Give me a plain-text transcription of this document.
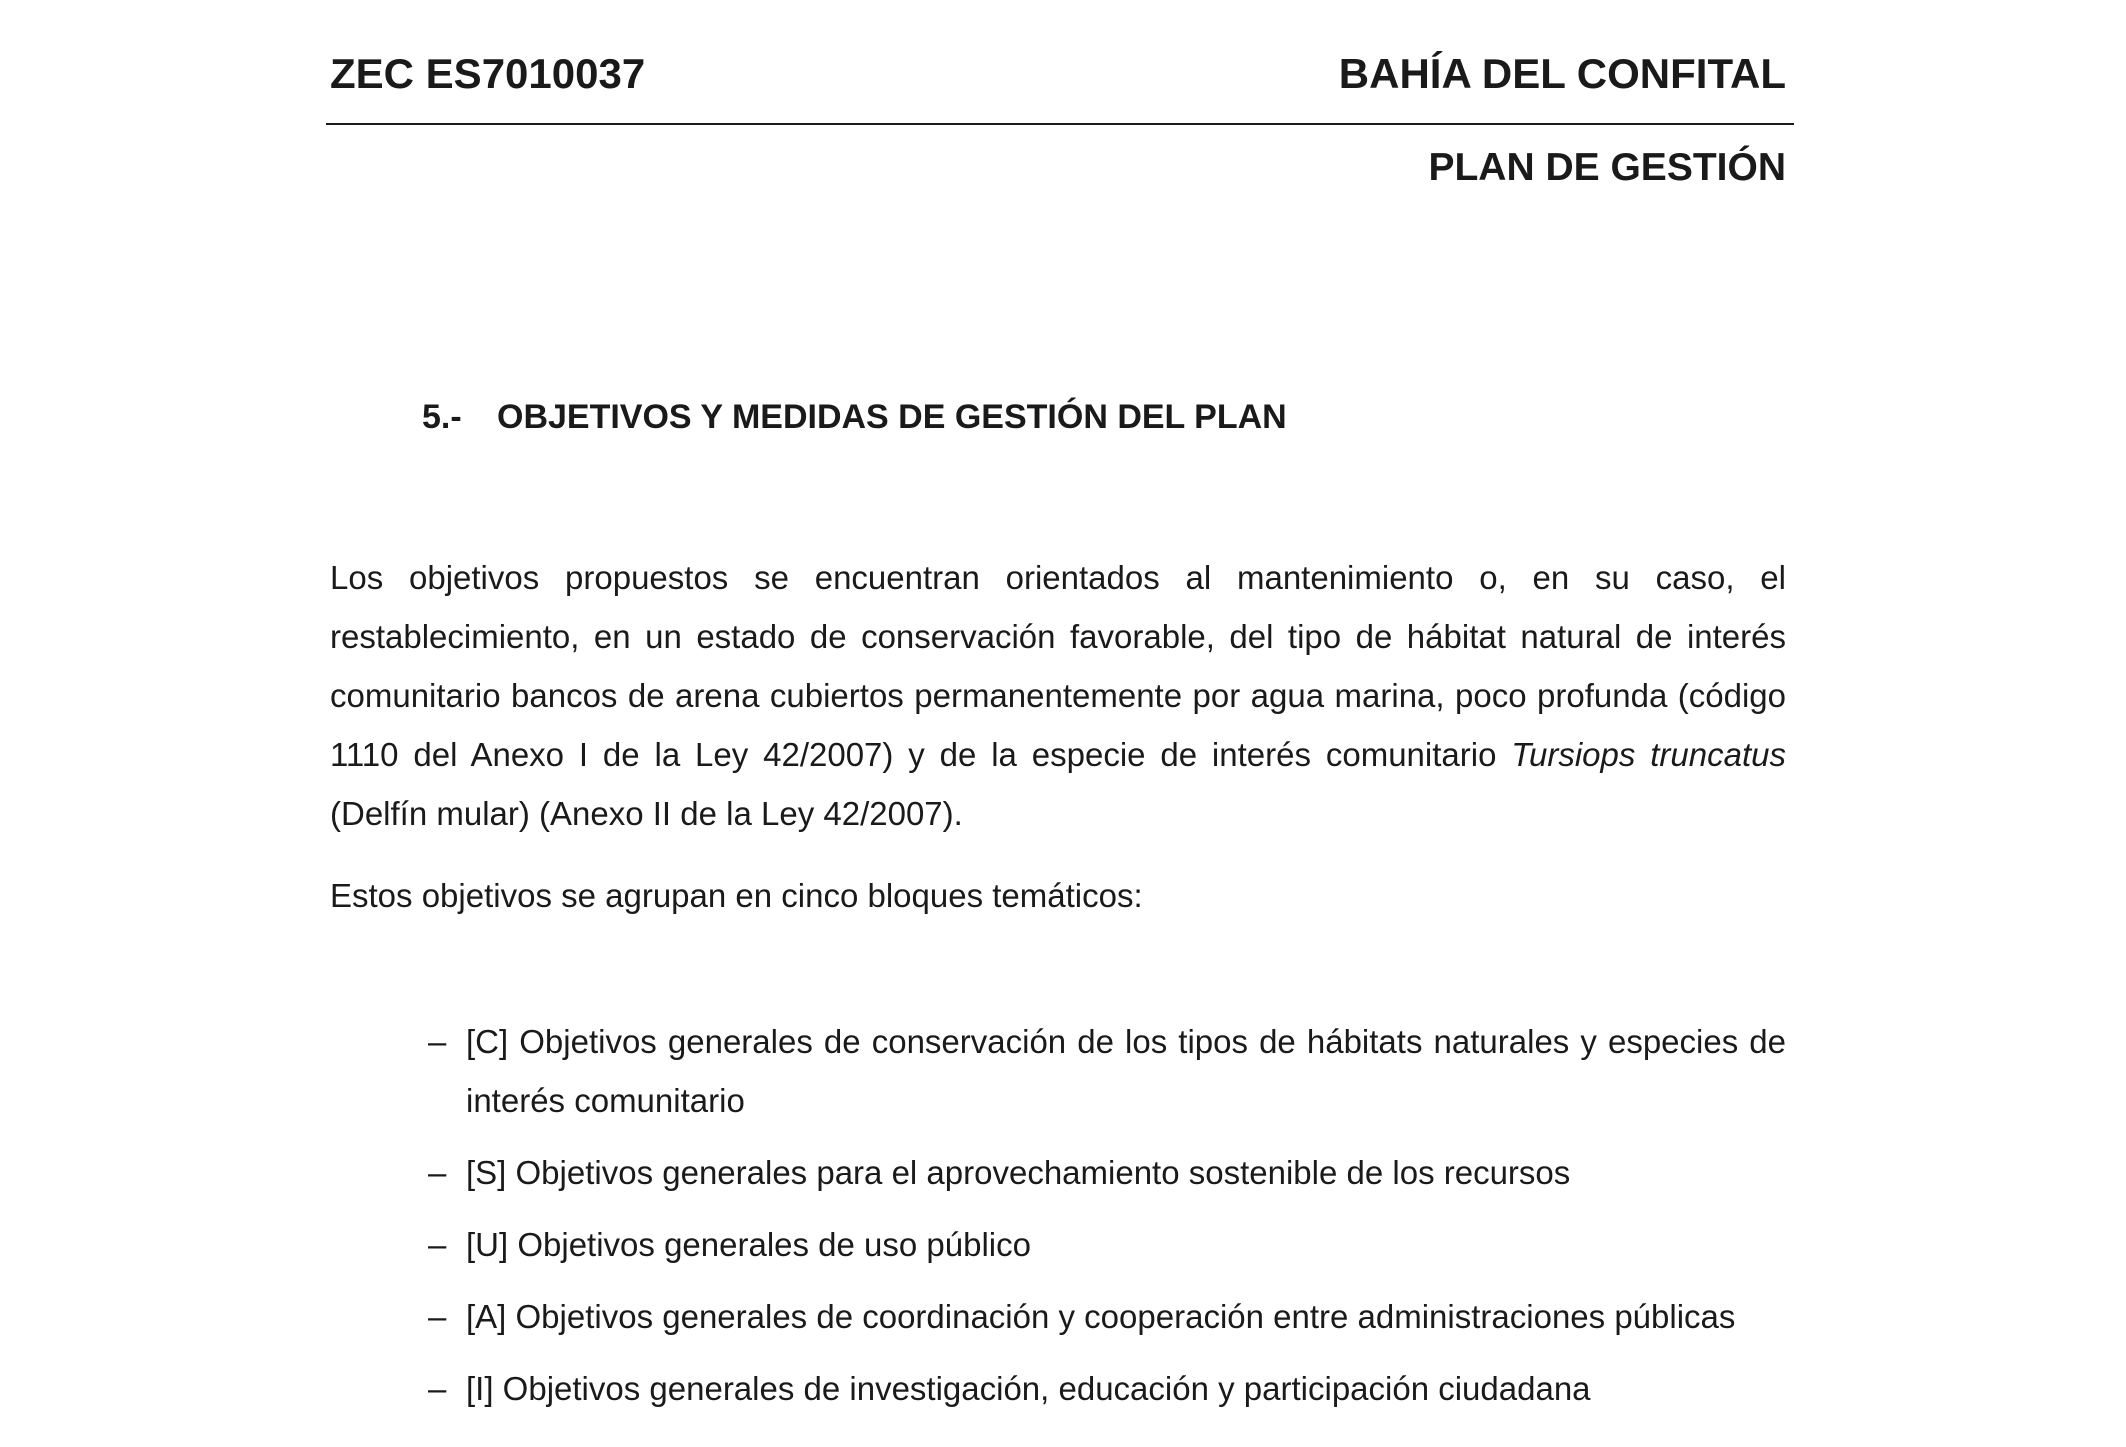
ZEC ES7010037	BAHÍA DEL CONFITAL
PLAN DE GESTIÓN
5.- OBJETIVOS Y MEDIDAS DE GESTIÓN DEL PLAN

Los objetivos propuestos se encuentran orientados al mantenimiento o, en su caso, el restablecimiento, en un estado de conservación favorable, del tipo de hábitat natural de interés comunitario bancos de arena cubiertos permanentemente por agua marina, poco profunda (código 1110 del Anexo I de la Ley 42/2007) y de la especie de interés comunitario Tursiops truncatus (Delfín mular) (Anexo II de la Ley 42/2007).

Estos objetivos se agrupan en cinco bloques temáticos:

– [C] Objetivos generales de conservación de los tipos de hábitats naturales y especies de interés comunitario
– [S] Objetivos generales para el aprovechamiento sostenible de los recursos
– [U] Objetivos generales de uso público
– [A] Objetivos generales de coordinación y cooperación entre administraciones públicas
– [I] Objetivos generales de investigación, educación y participación ciudadana
